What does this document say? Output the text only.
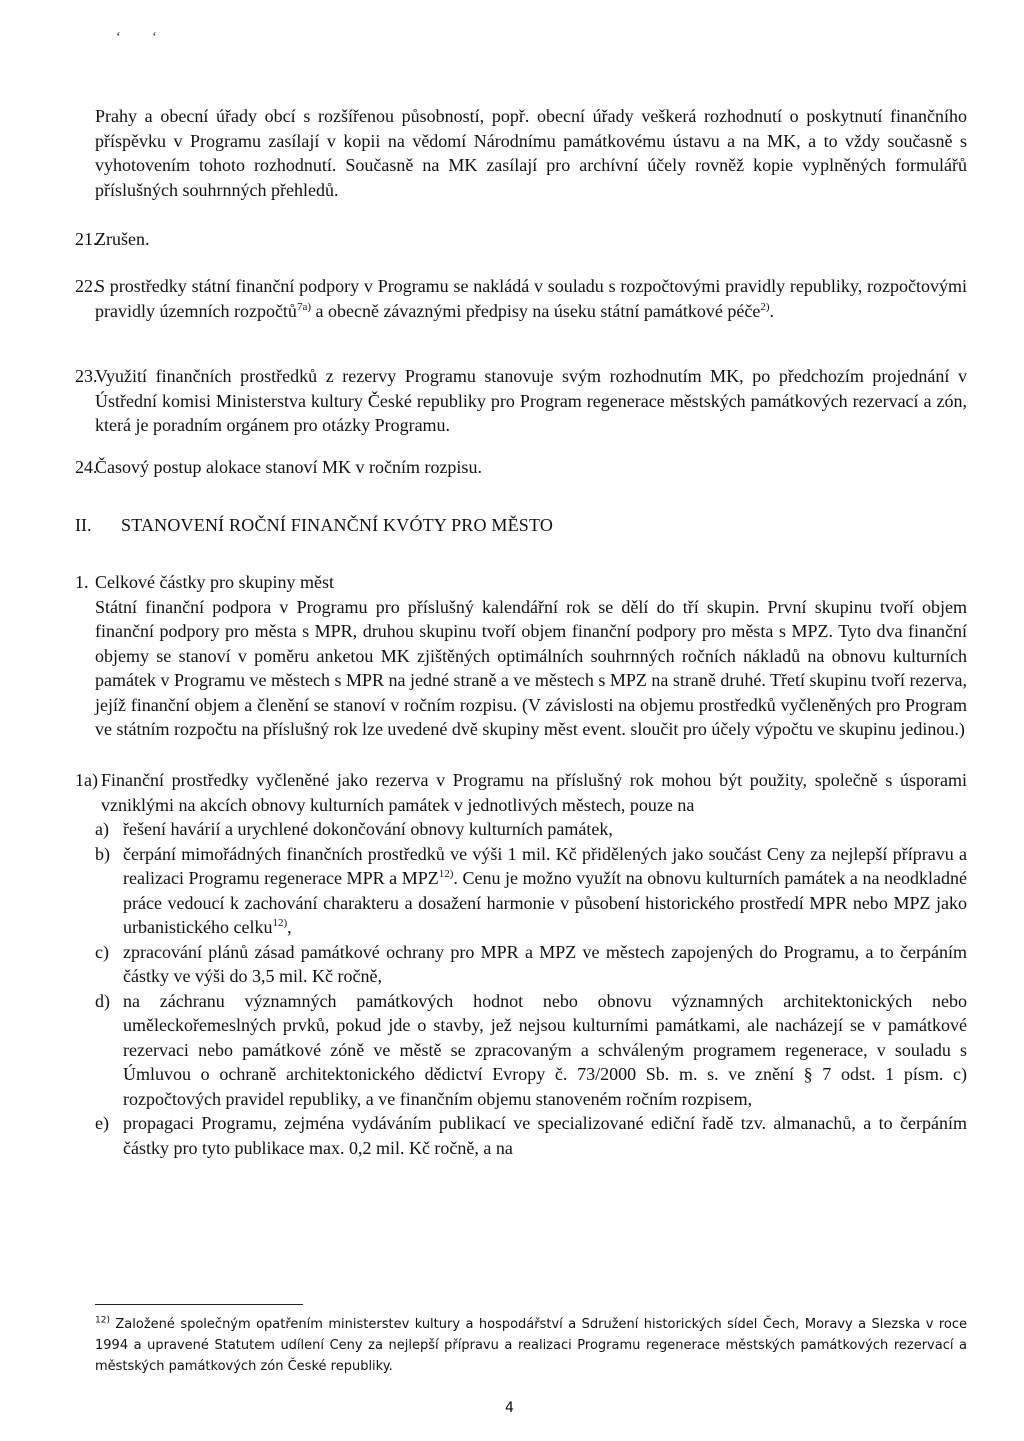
ʻ ʻ
Prahy a obecní úřady obcí s rozšířenou působností, popř. obecní úřady veškerá rozhodnutí o poskytnutí finančního příspěvku v Programu zasílají v kopii na vědomí Národnímu památkovému ústavu a na MK, a to vždy současně s vyhotovením tohoto rozhodnutí. Současně na MK zasílají pro archívní účely rovněž kopie vyplněných formulářů příslušných souhrnných přehledů.
21.
Zrušen.
22.
S prostředky státní finanční podpory v Programu se nakládá v souladu s rozpočtovými pravidly republiky, rozpočtovými pravidly územních rozpočtů$^{7a)}$ a obecně závaznými předpisy na úseku státní památkové péče$^{2)}$.
23.
Využití finančních prostředků z rezervy Programu stanovuje svým rozhodnutím MK, po předchozím projednání v Ústřední komisi Ministerstva kultury České republiky pro Program regenerace městských památkových rezervací a zón, která je poradním orgánem pro otázky Programu.
24.
Časový postup alokace stanoví MK v ročním rozpisu.
II. STANOVENÍ ROČNÍ FINANČNÍ KVÓTY PRO MĚSTO
1. Celkové částky pro skupiny měst
Státní finanční podpora v Programu pro příslušný kalendářní rok se dělí do tří skupin. První skupinu tvoří objem finanční podpory pro města s MPR, druhou skupinu tvoří objem finanční podpory pro města s MPZ. Tyto dva finanční objemy se stanoví v poměru anketou MK zjištěných optimálních souhrnných ročních nákladů na obnovu kulturních památek v Programu ve městech s MPR na jedné straně a ve městech s MPZ na straně druhé. Třetí skupinu tvoří rezerva, jejíž finanční objem a členění se stanoví v ročním rozpisu. (V závislosti na objemu prostředků vyčleněných pro Program ve státním rozpočtu na příslušný rok lze uvedené dvě skupiny měst event. sloučit pro účely výpočtu ve skupinu jedinou.)
1a) Finanční prostředky vyčleněné jako rezerva v Programu na příslušný rok mohou být použity, společně s úsporami vzniklými na akcích obnovy kulturních památek v jednotlivých městech, pouze na
a) řešení havárií a urychlené dokončování obnovy kulturních památek,
b) čerpání mimořádných finančních prostředků ve výši 1 mil. Kč přidělených jako součást Ceny za nejlepší přípravu a realizaci Programu regenerace MPR a MPZ$^{12)}$. Cenu je možno využít na obnovu kulturních památek a na neodkladné práce vedoucí k zachování charakteru a dosažení harmonie v působení historického prostředí MPR nebo MPZ jako urbanistického celku$^{12)}$,
c) zpracování plánů zásad památkové ochrany pro MPR a MPZ ve městech zapojených do Programu, a to čerpáním částky ve výši do 3,5 mil. Kč ročně,
d) na záchranu významných památkových hodnot nebo obnovu významných architektonických nebo uměleckořemeslných prvků, pokud jde o stavby, jež nejsou kulturními památkami, ale nacházejí se v památkové rezervaci nebo památkové zóně ve městě se zpracovaným a schváleným programem regenerace, v souladu s Úmluvou o ochraně architektonického dědictví Evropy č. 73/2000 Sb. m. s. ve znění § 7 odst. 1 písm. c) rozpočtových pravidel republiky, a ve finančním objemu stanoveném ročním rozpisem,
e) propagaci Programu, zejména vydáváním publikací ve specializované ediční řadě tzv. almanachů, a to čerpáním částky pro tyto publikace max. 0,2 mil. Kč ročně, a na
$^{12)}$ Založené společným opatřením ministerstev kultury a hospodářství a Sdružení historických sídel Čech, Moravy a Slezska v roce 1994 a upravené Statutem udílení Ceny za nejlepší přípravu a realizaci Programu regenerace městských památkových rezervací a městských památkových zón České republiky.
4
